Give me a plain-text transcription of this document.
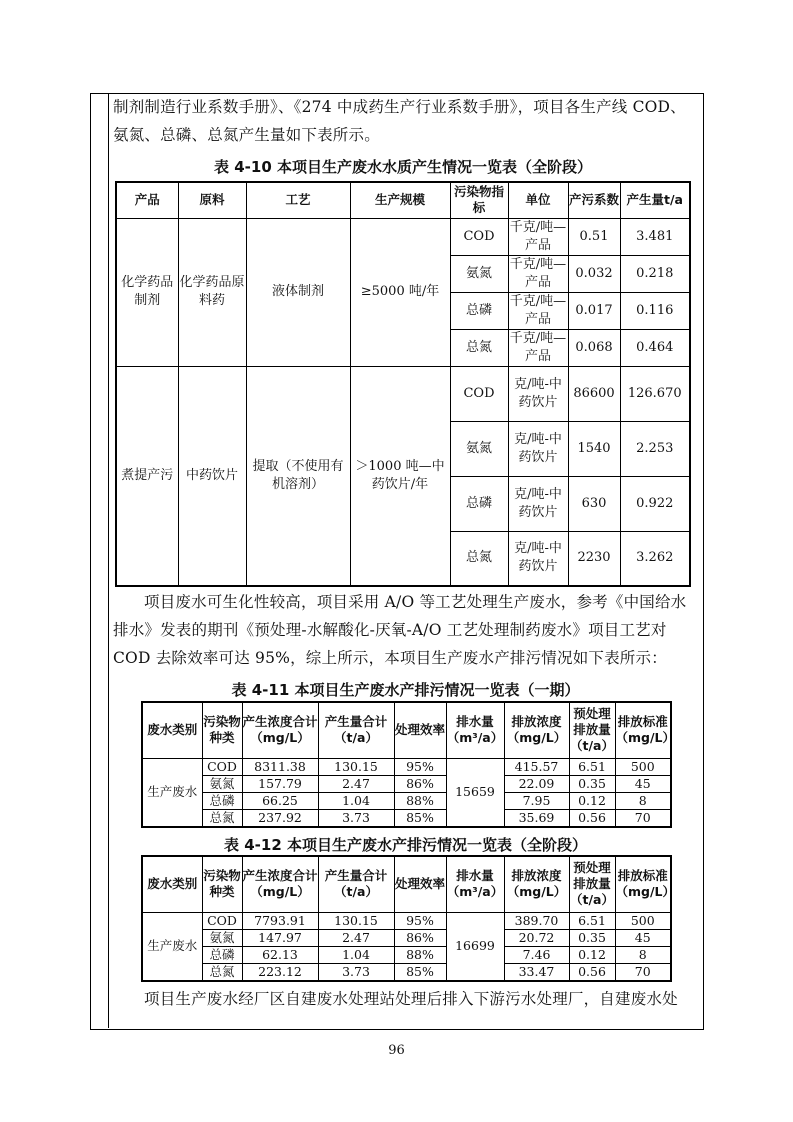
制剂制造行业系数手册》、《274 中成药生产行业系数手册》，项目各生产线 COD、氨氮、总磷、总氮产生量如下表所示。

表 4-10 本项目生产废水水质产生情况一览表（全阶段）

产品	原料	工艺	生产规模	污染物指标	单位	产污系数	产生量t/a
化学药品制剂	化学药品原料药	液体制剂	≥5000 吨/年	COD	千克/吨—产品	0.51	3.481
				氨氮	千克/吨—产品	0.032	0.218
				总磷	千克/吨—产品	0.017	0.116
				总氮	千克/吨—产品	0.068	0.464
煮提产污	中药饮片	提取（不使用有机溶剂）	＞1000 吨—中药饮片/年	COD	克/吨-中药饮片	86600	126.670
				氨氮	克/吨-中药饮片	1540	2.253
				总磷	克/吨-中药饮片	630	0.922
				总氮	克/吨-中药饮片	2230	3.262

项目废水可生化性较高，项目采用 A/O 等工艺处理生产废水，参考《中国给水排水》发表的期刊《预处理-水解酸化-厌氧-A/O 工艺处理制药废水》项目工艺对 COD 去除效率可达 95%，综上所示，本项目生产废水产排污情况如下表所示：

表 4-11 本项目生产废水产排污情况一览表（一期）

废水类别	污染物种类	产生浓度合计（mg/L）	产生量合计（t/a）	处理效率	排水量（m³/a）	排放浓度（mg/L）	预处理排放量（t/a）	排放标准（mg/L）
生产废水	COD	8311.38	130.15	95%	15659	415.57	6.51	500
	氨氮	157.79	2.47	86%		22.09	0.35	45
	总磷	66.25	1.04	88%		7.95	0.12	8
	总氮	237.92	3.73	85%		35.69	0.56	70

表 4-12 本项目生产废水产排污情况一览表（全阶段）

废水类别	污染物种类	产生浓度合计（mg/L）	产生量合计（t/a）	处理效率	排水量（m³/a）	排放浓度（mg/L）	预处理排放量（t/a）	排放标准（mg/L）
生产废水	COD	7793.91	130.15	95%	16699	389.70	6.51	500
	氨氮	147.97	2.47	86%		20.72	0.35	45
	总磷	62.13	1.04	88%		7.46	0.12	8
	总氮	223.12	3.73	85%		33.47	0.56	70

项目生产废水经厂区自建废水处理站处理后排入下游污水处理厂，自建废水处

96
